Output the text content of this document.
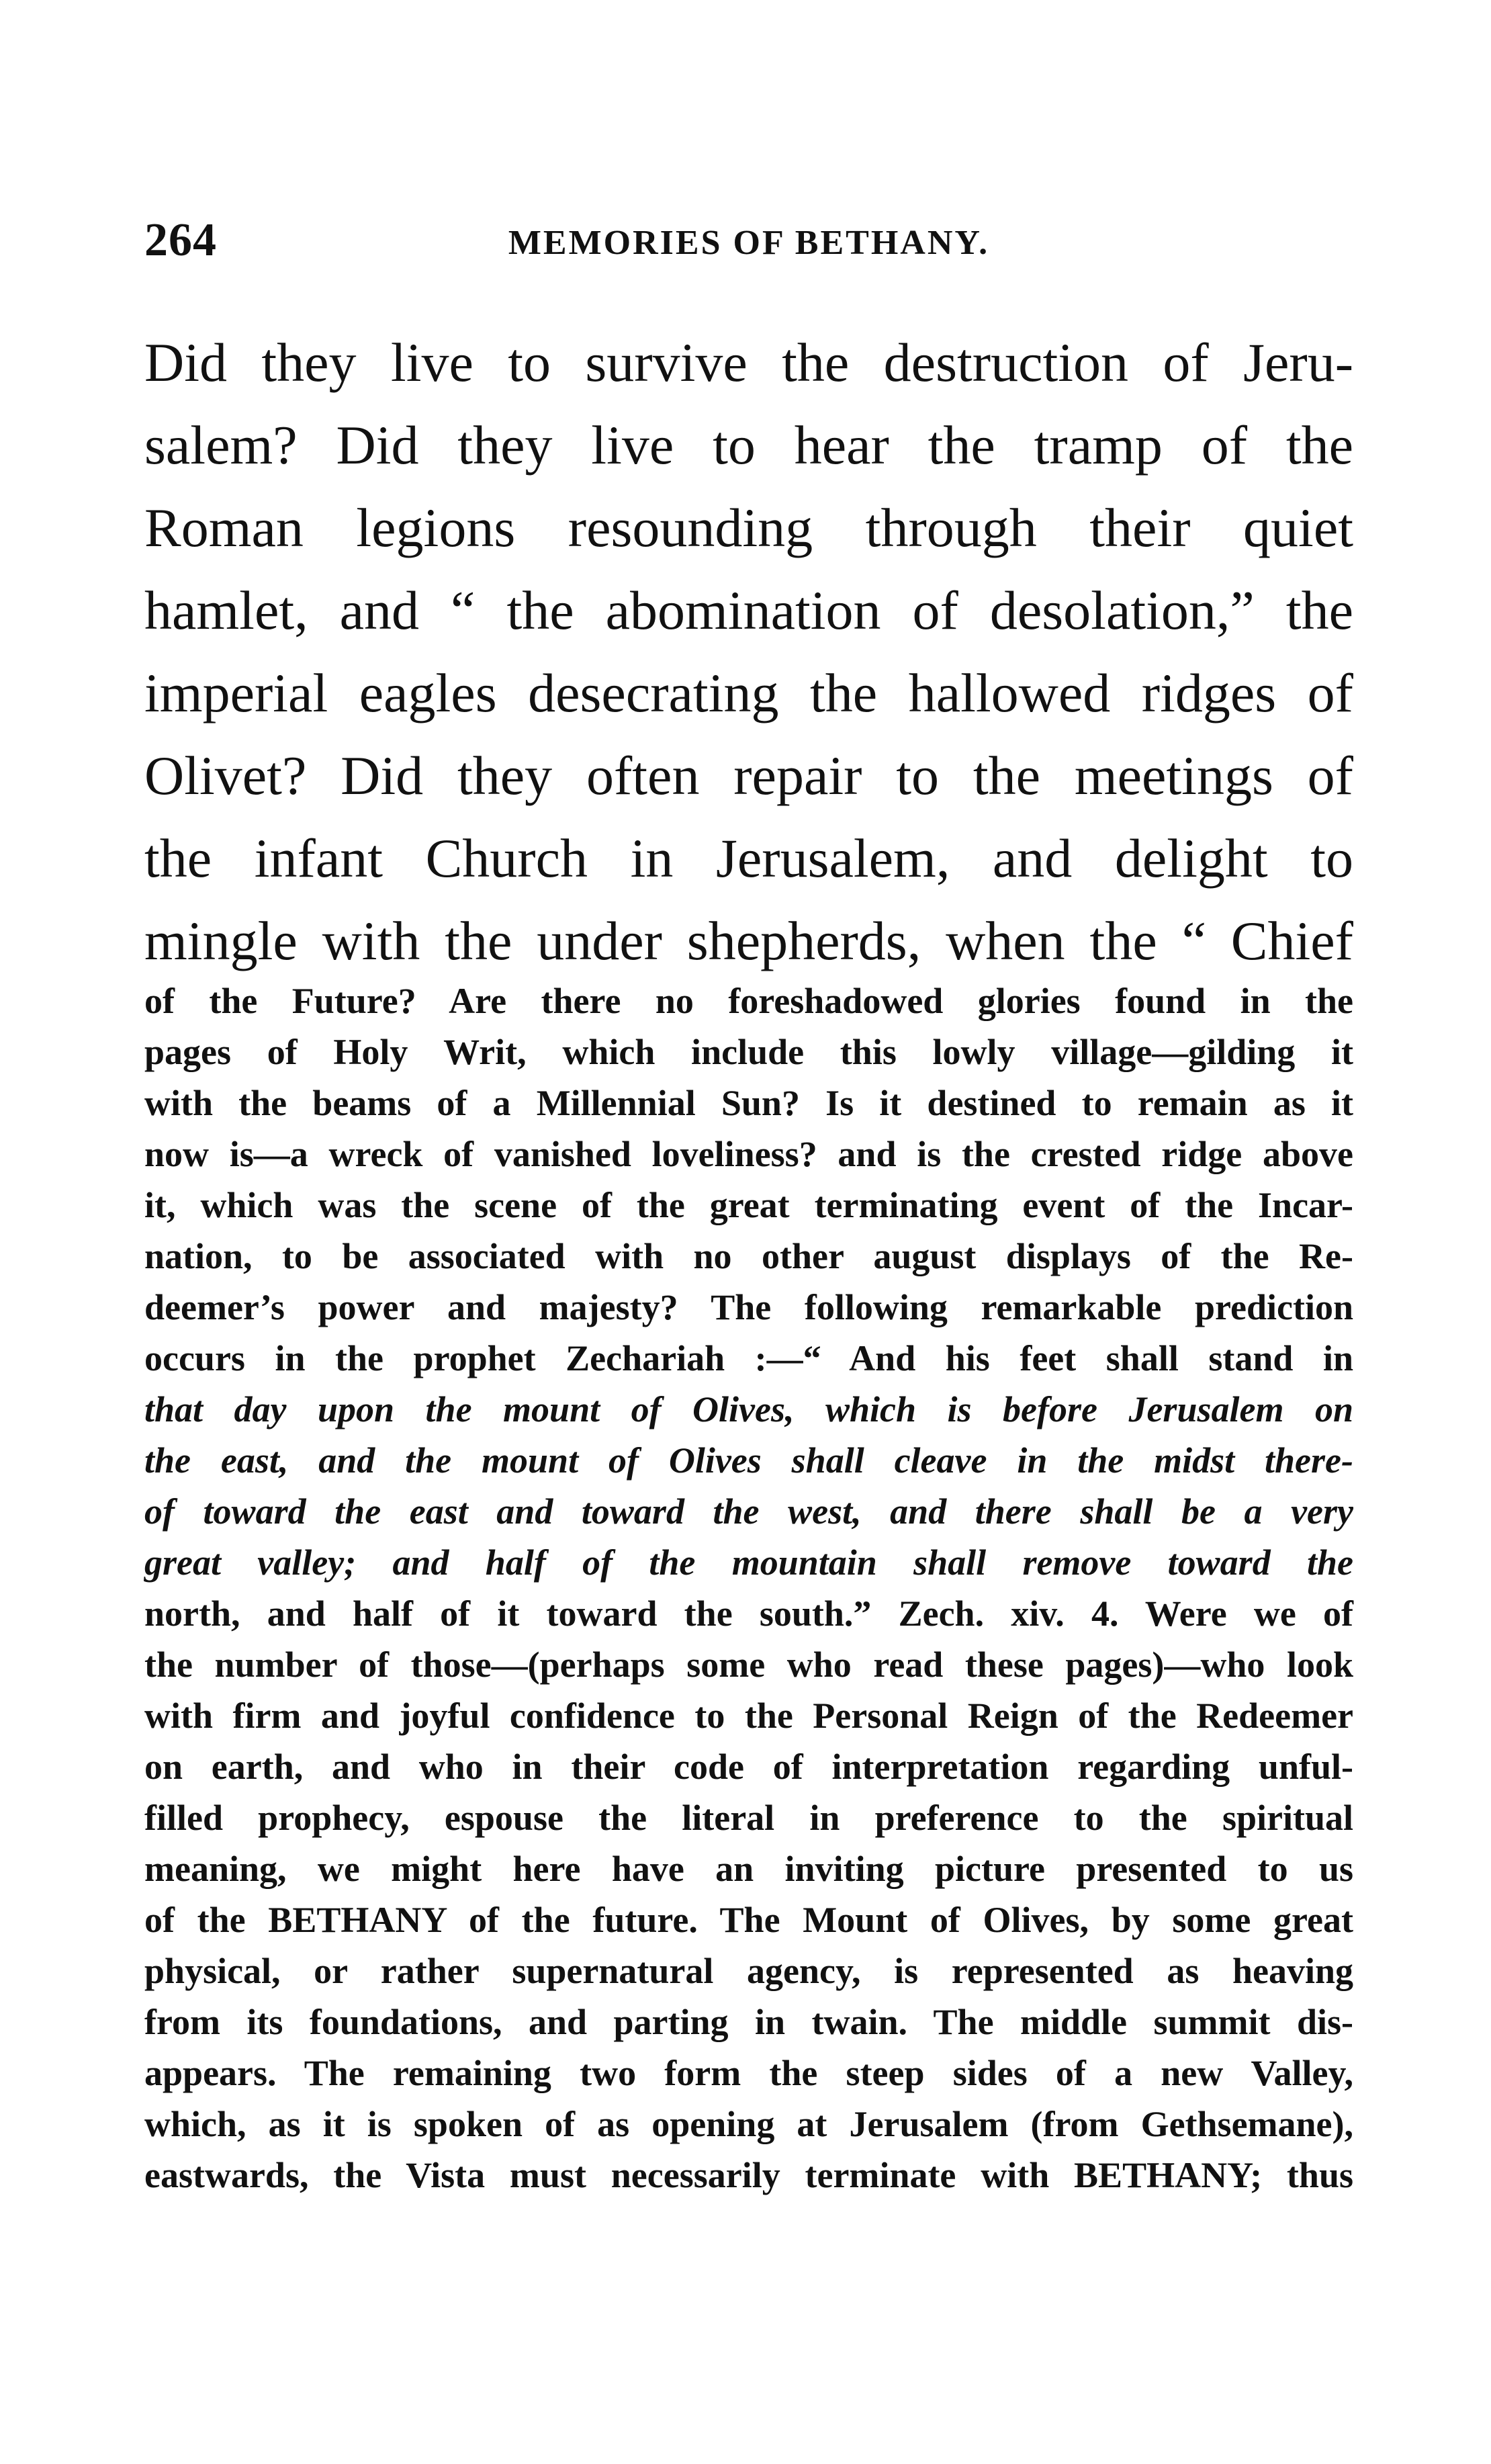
264	MEMORIES OF BETHANY.
Did they live to survive the destruction of Jeru-
salem? Did they live to hear the tramp of the
Roman legions resounding through their quiet
hamlet, and “ the abomination of desolation,” the
imperial eagles desecrating the hallowed ridges of
Olivet? Did they often repair to the meetings of
the infant Church in Jerusalem, and delight to
mingle with the under shepherds, when the “ Chief
of the Future? Are there no foreshadowed glories found in the
pages of Holy Writ, which include this lowly village—gilding it
with the beams of a Millennial Sun? Is it destined to remain as it
now is—a wreck of vanished loveliness? and is the crested ridge above
it, which was the scene of the great terminating event of the Incar-
nation, to be associated with no other august displays of the Re-
deemer’s power and majesty? The following remarkable prediction
occurs in the prophet Zechariah :—“ And his feet shall stand in
that day upon the mount of Olives, which is before Jerusalem on
the east, and the mount of Olives shall cleave in the midst there-
of toward the east and toward the west, and there shall be a very
great valley; and half of the mountain shall remove toward the
north, and half of it toward the south.” Zech. xiv. 4. Were we of
the number of those—(perhaps some who read these pages)—who look
with firm and joyful confidence to the Personal Reign of the Redeemer
on earth, and who in their code of interpretation regarding unful-
filled prophecy, espouse the literal in preference to the spiritual
meaning, we might here have an inviting picture presented to us
of the BETHANY of the future. The Mount of Olives, by some great
physical, or rather supernatural agency, is represented as heaving
from its foundations, and parting in twain. The middle summit dis-
appears. The remaining two form the steep sides of a new Valley,
which, as it is spoken of as opening at Jerusalem (from Gethsemane),
eastwards, the Vista must necessarily terminate with BETHANY; thus
